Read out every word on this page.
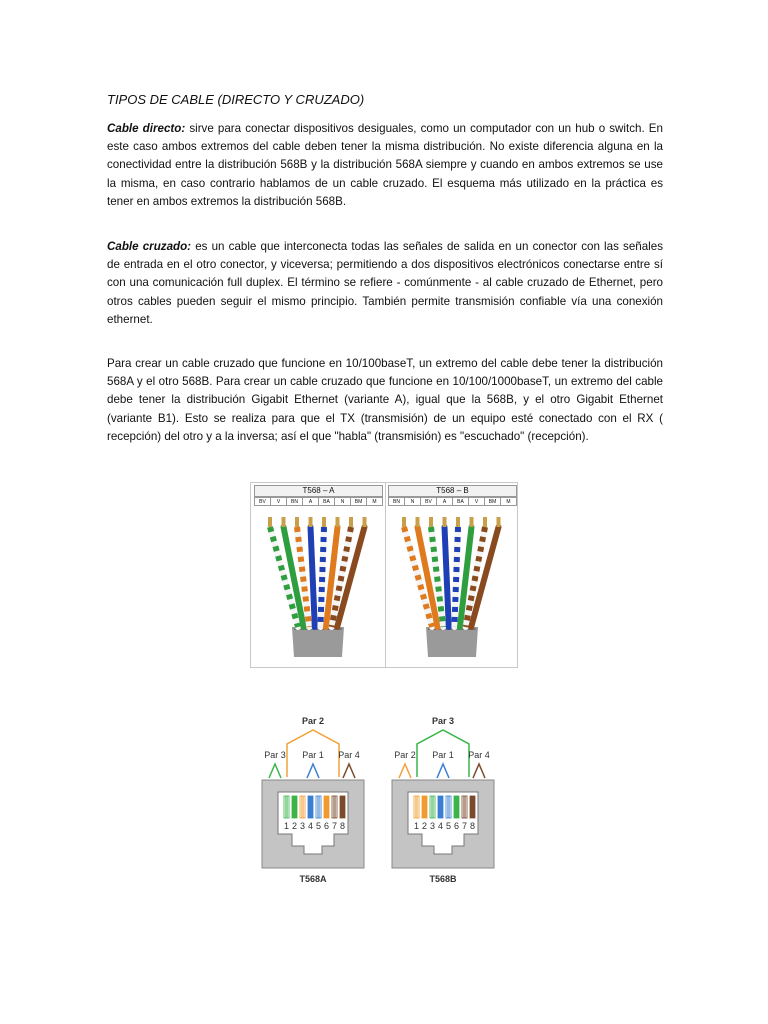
TIPOS DE CABLE (DIRECTO Y CRUZADO)

Cable directo: sirve para conectar dispositivos desiguales, como un computador con un hub o switch. En este caso ambos extremos del cable deben tener la misma distribución. No existe diferencia alguna en la conectividad entre la distribución 568B y la distribución 568A siempre y cuando en ambos extremos se use la misma, en caso contrario hablamos de un cable cruzado. El esquema más utilizado en la práctica es tener en ambos extremos la distribución 568B.

Cable cruzado: es un cable que interconecta todas las señales de salida en un conector con las señales de entrada en el otro conector, y viceversa; permitiendo a dos dispositivos electrónicos conectarse entre sí con una comunicación full duplex. El término se refiere - comúnmente - al cable cruzado de Ethernet, pero otros cables pueden seguir el mismo principio. También permite transmisión confiable vía una conexión ethernet.

Para crear un cable cruzado que funcione en 10/100baseT, un extremo del cable debe tener la distribución 568A y el otro 568B. Para crear un cable cruzado que funcione en 10/100/1000baseT, un extremo del cable debe tener la distribución Gigabit Ethernet (variante A), igual que la 568B, y el otro Gigabit Ethernet (variante B1). Esto se realiza para que el TX (transmisión) de un equipo esté conectado con el RX ( recepción) del otro y a la inversa; así el que "habla" (transmisión) es "escuchado" (recepción).

T568 – A
BV	V	BN	A	BA	N	BM	M
T568 – B
BN	N	BV	A	BA	V	BM	M
Par 2
Par 3 Par 1 Par 4
1 2 3 4 5 6 7 8
T568A
Par 3
Par 2 Par 1 Par 4
1 2 3 4 5 6 7 8
T568B
